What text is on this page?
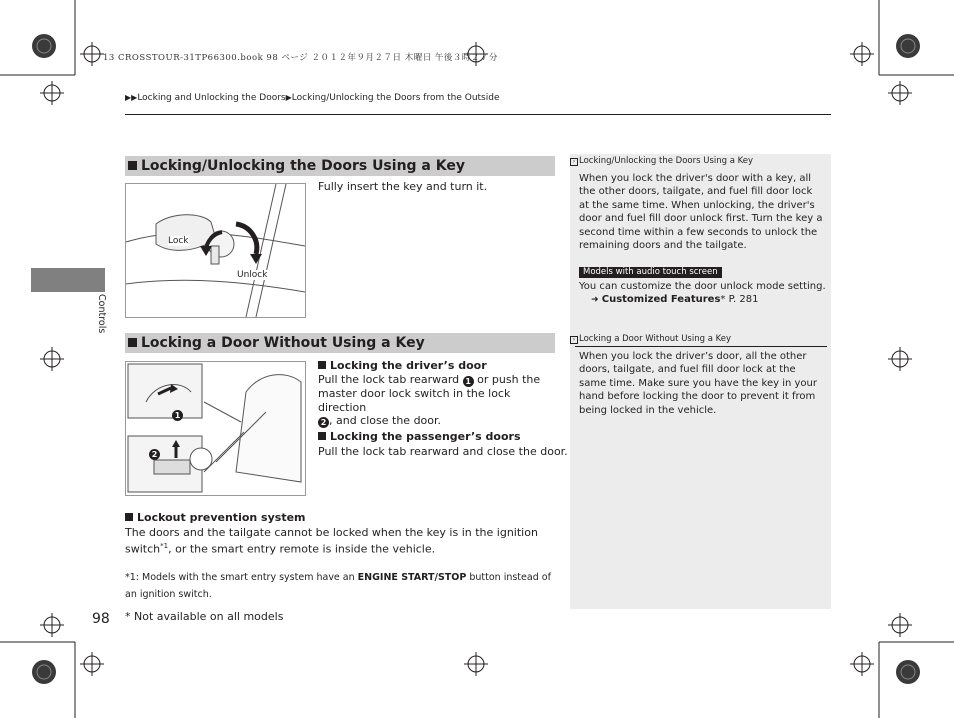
13 CROSSTOUR-31TP66300.book 98 ページ ２０１２年９月２７日 木曜日 午後３時２７分
▶▶Locking and Unlocking the Doors▶Locking/Unlocking the Doors from the Outside
Controls
Locking/Unlocking the Doors Using a Key
Fully insert the key and turn it.
Lock
Unlock
Locking a Door Without Using a Key
1
2
Locking the driver’s door
Pull the lock tab rearward 1 or push the master door lock switch in the lock direction
2 , and close the door.
Locking the passenger’s doors
Pull the lock tab rearward and close the door.
Lockout prevention system
The doors and the tailgate cannot be locked when the key is in the ignition switch$^{*1}$, or the smart entry remote is inside the vehicle.
*1: Models with the smart entry system have an ENGINE START/STOP button instead of an ignition switch.
* Not available on all models
98
› Locking/Unlocking the Doors Using a Key
When you lock the driver's door with a key, all the other doors, tailgate, and fuel fill door lock at the same time. When unlocking, the driver's door and fuel fill door unlock first. Turn the key a second time within a few seconds to unlock the remaining doors and the tailgate.
Models with audio touch screen
You can customize the door unlock mode setting.
➜ Customized Features* P. 281
› Locking a Door Without Using a Key
When you lock the driver’s door, all the other doors, tailgate, and fuel fill door lock at the same time. Make sure you have the key in your hand before locking the door to prevent it from being locked in the vehicle.
